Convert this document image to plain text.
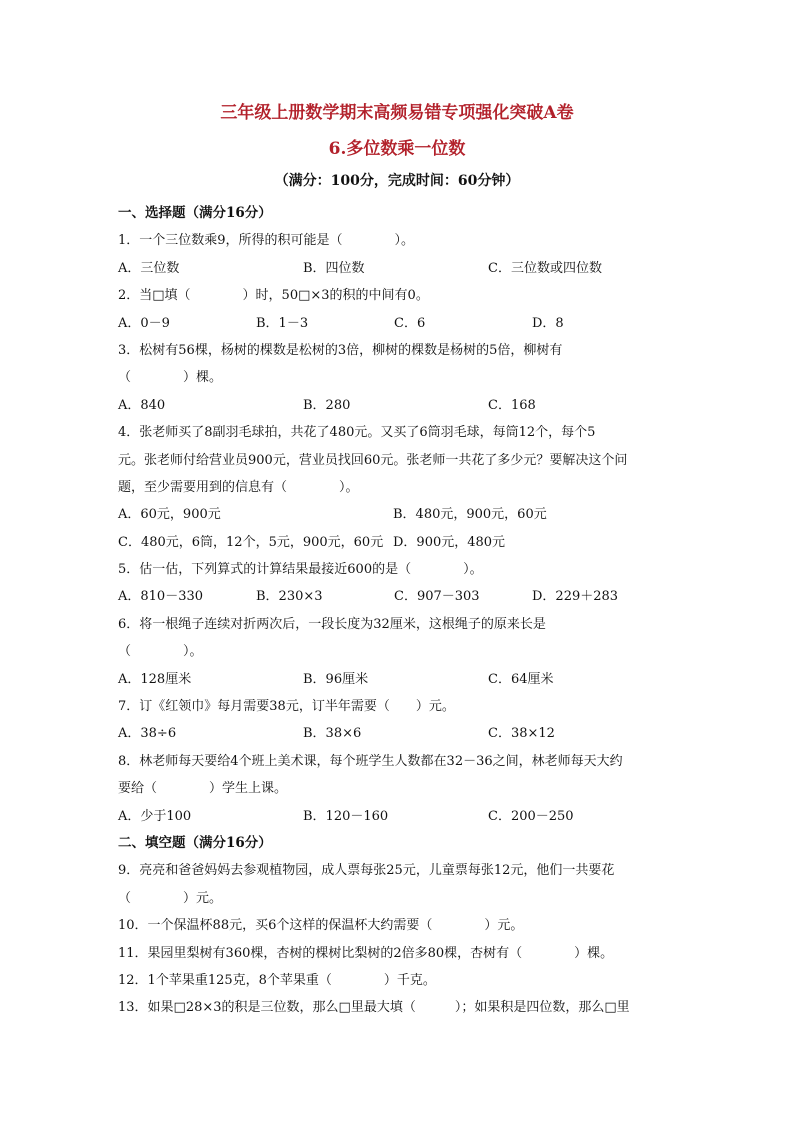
三年级上册数学期末高频易错专项强化突破A卷
6.多位数乘一位数
（满分：100分，完成时间：60分钟）
一、选择题（满分16分）
1．一个三位数乘9，所得的积可能是（　　　　）。
A．三位数	B．四位数	C．三位数或四位数
2．当□填（　　　　）时，50□×3的积的中间有0。
A．0－9	B．1－3	C．6	D．8
3．松树有56棵，杨树的棵数是松树的3倍，柳树的棵数是杨树的5倍，柳树有
（　　　　）棵。
A．840	B．280	C．168
4．张老师买了8副羽毛球拍，共花了480元。又买了6筒羽毛球，每筒12个，每个5
元。张老师付给营业员900元，营业员找回60元。张老师一共花了多少元？要解决这个问
题，至少需要用到的信息有（　　　　）。
A．60元，900元	B．480元，900元，60元
C．480元，6筒，12个，5元，900元，60元 D．900元，480元
5．估一估，下列算式的计算结果最接近600的是（　　　　）。
A．810－330	B．230×3	C．907－303	D．229＋283
6．将一根绳子连续对折两次后，一段长度为32厘米，这根绳子的原来长是
（　　　　）。
A．128厘米	B．96厘米	C．64厘米
7．订《红领巾》每月需要38元，订半年需要（　　）元。
A．38÷6	B．38×6	C．38×12
8．林老师每天要给4个班上美术课，每个班学生人数都在32－36之间，林老师每天大约
要给（　　　　）学生上课。
A．少于100	B．120－160	C．200－250
二、填空题（满分16分）
9．亮亮和爸爸妈妈去参观植物园，成人票每张25元，儿童票每张12元，他们一共要花
（　　　　）元。
10．一个保温杯88元，买6个这样的保温杯大约需要（　　　　）元。
11．果园里梨树有360棵，杏树的棵树比梨树的2倍多80棵，杏树有（　　　　）棵。
12．1个苹果重125克，8个苹果重（　　　　）千克。
13．如果□28×3的积是三位数，那么□里最大填（　　　）；如果积是四位数，那么□里
